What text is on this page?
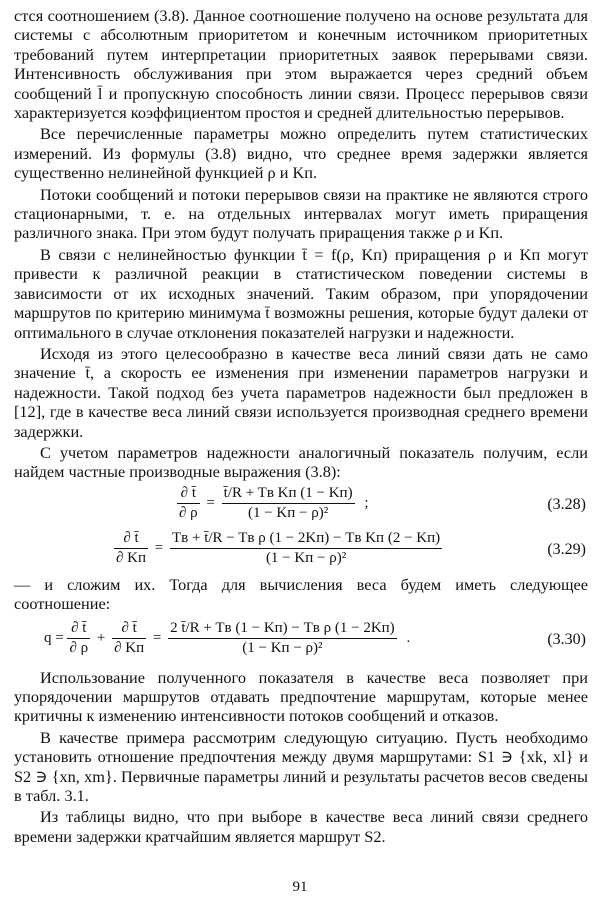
стся соотношением (3.8). Данное соотношение получено на основе результата для системы с абсолютным приоритетом и конечным источником приоритетных требований путем интерпретации приоритетных заявок перерывами связи. Интенсивность обслуживания при этом выражается через средний объем сообщений l̄ и пропускную способность линии связи. Процесс перерывов связи характеризуется коэффициентом простоя и средней длительностью перерывов.

Все перечисленные параметры можно определить путем статистических измерений. Из формулы (3.8) видно, что среднее время задержки является существенно нелинейной функцией ρ и Kп.

Потоки сообщений и потоки перерывов связи на практике не являются строго стационарными, т. е. на отдельных интервалах могут иметь приращения различного знака. При этом будут получать приращения также ρ и Kп.

В связи с нелинейностью функции t̄ = f(ρ, Kп) приращения ρ и Kп могут привести к различной реакции в статистическом поведении системы в зависимости от их исходных значений. Таким образом, при упорядочении маршрутов по критерию минимума t̄ возможны решения, которые будут далеки от оптимального в случае отклонения показателей нагрузки и надежности.

Исходя из этого целесообразно в качестве веса линий связи дать не само значение t̄, а скорость ее изменения при изменении параметров нагрузки и надежности. Такой подход без учета параметров надежности был предложен в [12], где в качестве веса линий связи используется производная среднего времени задержки.

С учетом параметров надежности аналогичный показатель получим, если найдем частные производные выражения (3.8):

$\frac{\partial t̄}{\partial \rho} = \frac{\text{t̄/R + Tв Kп (1 − Kп)}}{\text{(1 − Kп − ρ)²}}$ ;	(3.28)
$\frac{\partial t̄}{\partial Kп} = \frac{\text{Tв + t̄/R − Tв ρ (1 − 2Kп) − Tв Kп (2 − Kп)}}{\text{(1 − Kп − ρ)²}}$	(3.29)

— и сложим их. Тогда для вычисления веса будем иметь следующее соотношение:

$q = \frac{\partial t̄}{\partial \rho} + \frac{\partial t̄}{\partial Kп} = \frac{\text{2 t̄/R + Tв (1 − Kп) − Tв ρ (1 − 2Kп)}}{\text{(1 − Kп − ρ)²}}$ .	(3.30)

Использование полученного показателя в качестве веса позволяет при упорядочении маршрутов отдавать предпочтение маршрутам, которые менее критичны к изменению интенсивности потоков сообщений и отказов.

В качестве примера рассмотрим следующую ситуацию. Пусть необходимо установить отношение предпочтения между двумя маршрутами: S1 ∋ {xk, xl} и S2 ∋ {xn, xm}. Первичные параметры линий и результаты расчетов весов сведены в табл. 3.1.

Из таблицы видно, что при выборе в качестве веса линий связи среднего времени задержки кратчайшим является маршрут S2.

91
